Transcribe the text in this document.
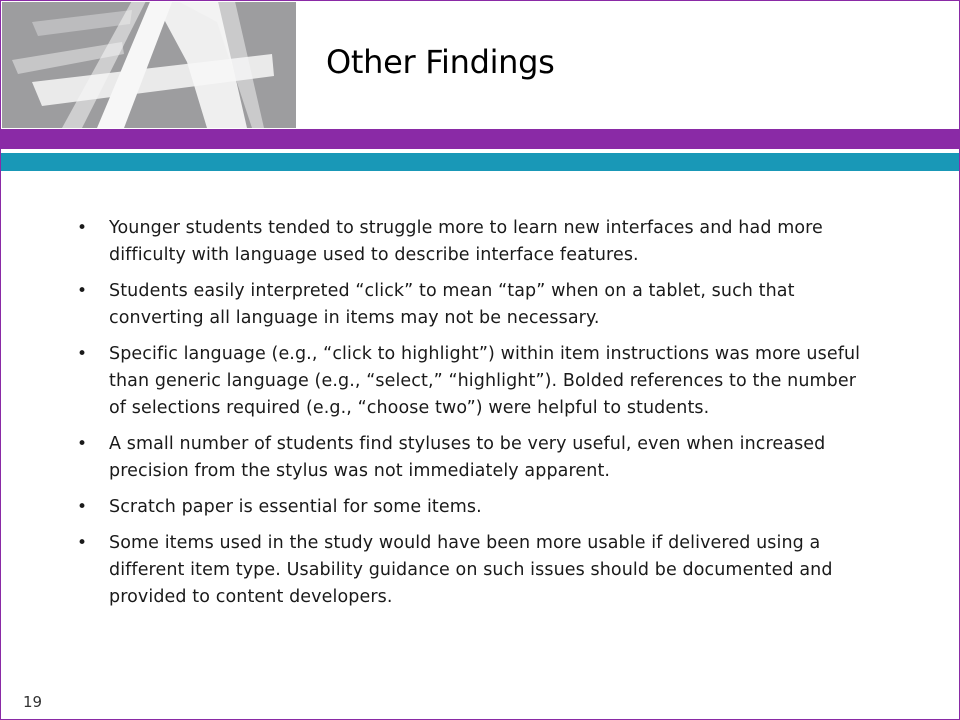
Other Findings
• Younger students tended to struggle more to learn new interfaces and had more difficulty with language used to describe interface features.
• Students easily interpreted “click” to mean “tap” when on a tablet, such that converting all language in items may not be necessary.
• Specific language (e.g., “click to highlight”) within item instructions was more useful than generic language (e.g., “select,” “highlight”). Bolded references to the number of selections required (e.g., “choose two”) were helpful to students.
• A small number of students find styluses to be very useful, even when increased precision from the stylus was not immediately apparent.
• Scratch paper is essential for some items.
• Some items used in the study would have been more usable if delivered using a different item type. Usability guidance on such issues should be documented and provided to content developers.
19
